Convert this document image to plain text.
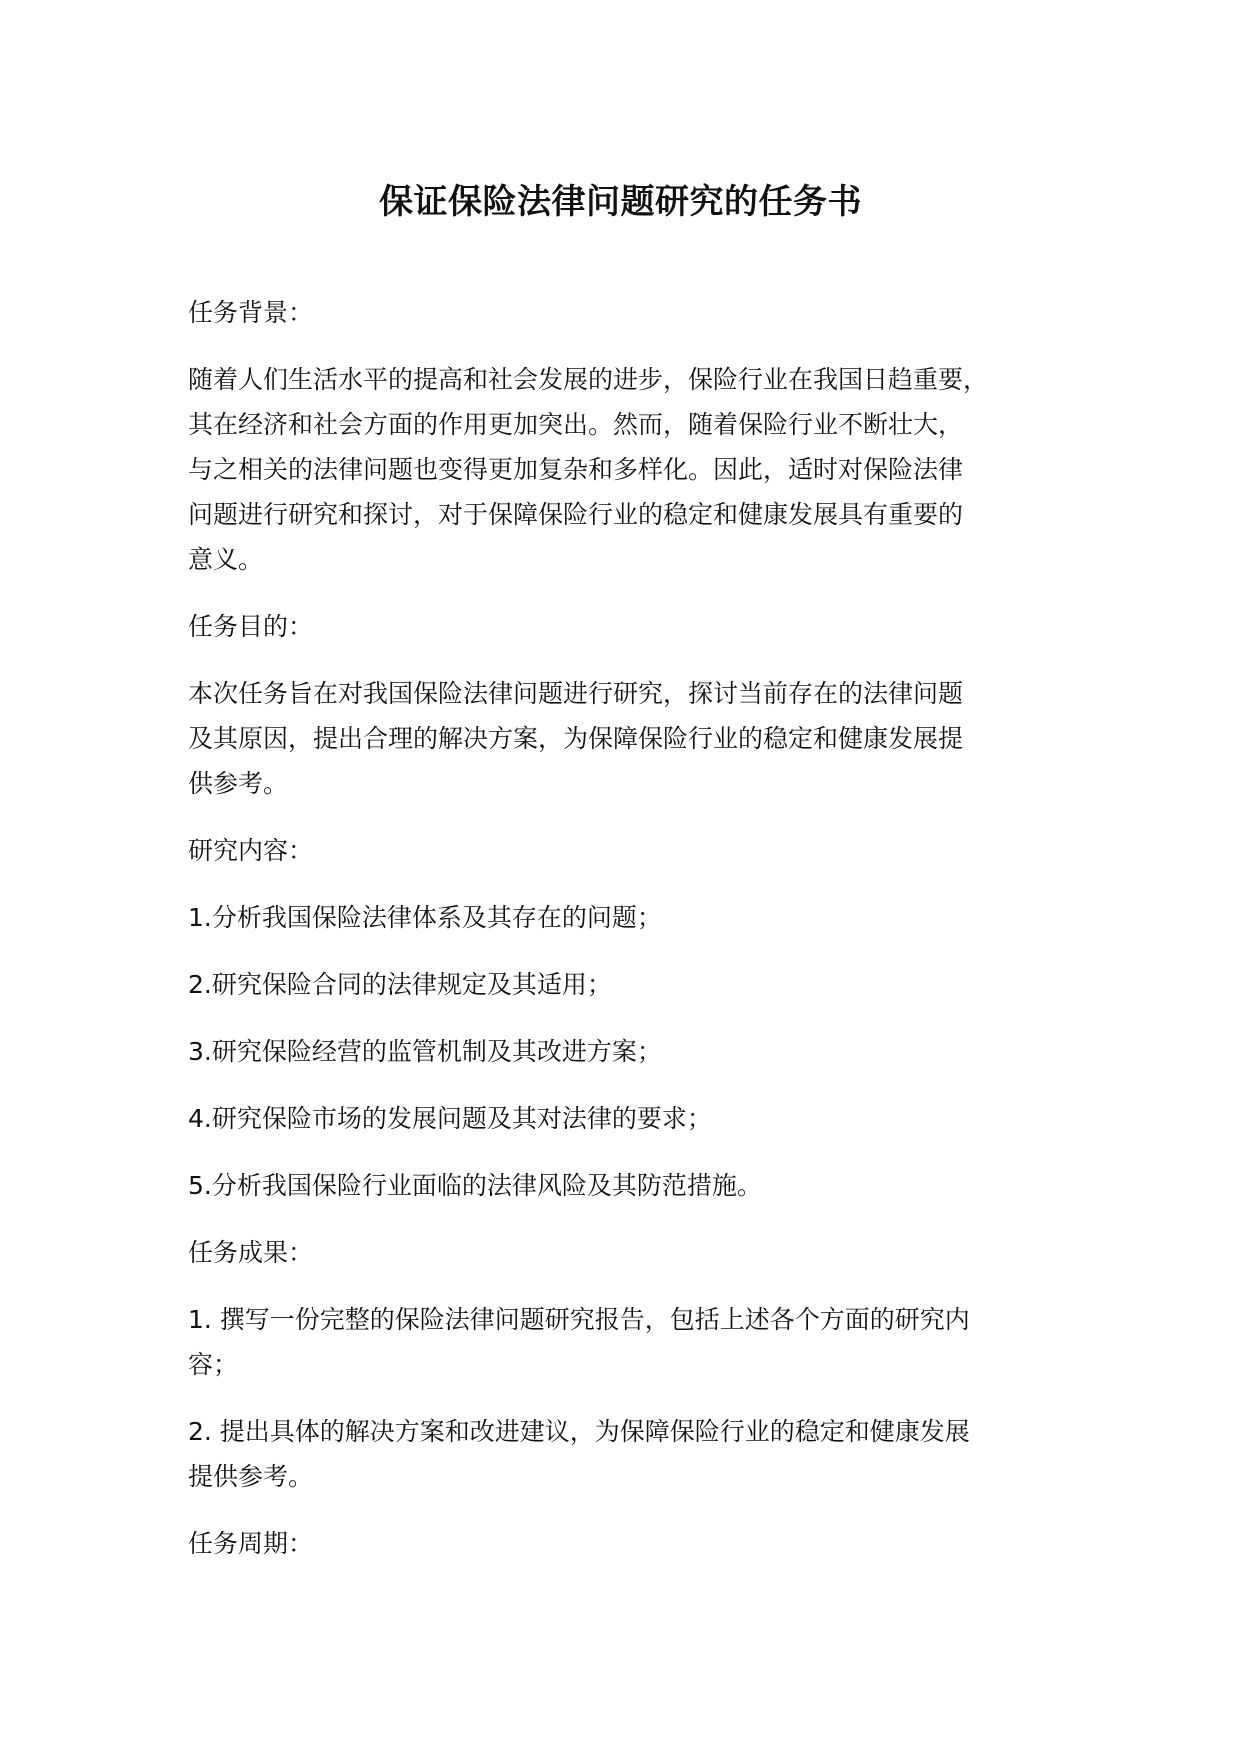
保证保险法律问题研究的任务书

任务背景：

随着人们生活水平的提高和社会发展的进步，保险行业在我国日趋重要，
其在经济和社会方面的作用更加突出。然而，随着保险行业不断壮大，
与之相关的法律问题也变得更加复杂和多样化。因此，适时对保险法律
问题进行研究和探讨，对于保障保险行业的稳定和健康发展具有重要的
意义。

任务目的：

本次任务旨在对我国保险法律问题进行研究，探讨当前存在的法律问题
及其原因，提出合理的解决方案，为保障保险行业的稳定和健康发展提
供参考。

研究内容：

1.分析我国保险法律体系及其存在的问题；

2.研究保险合同的法律规定及其适用；

3.研究保险经营的监管机制及其改进方案；

4.研究保险市场的发展问题及其对法律的要求；

5.分析我国保险行业面临的法律风险及其防范措施。

任务成果：

1. 撰写一份完整的保险法律问题研究报告，包括上述各个方面的研究内
容；

2. 提出具体的解决方案和改进建议，为保障保险行业的稳定和健康发展
提供参考。

任务周期：
